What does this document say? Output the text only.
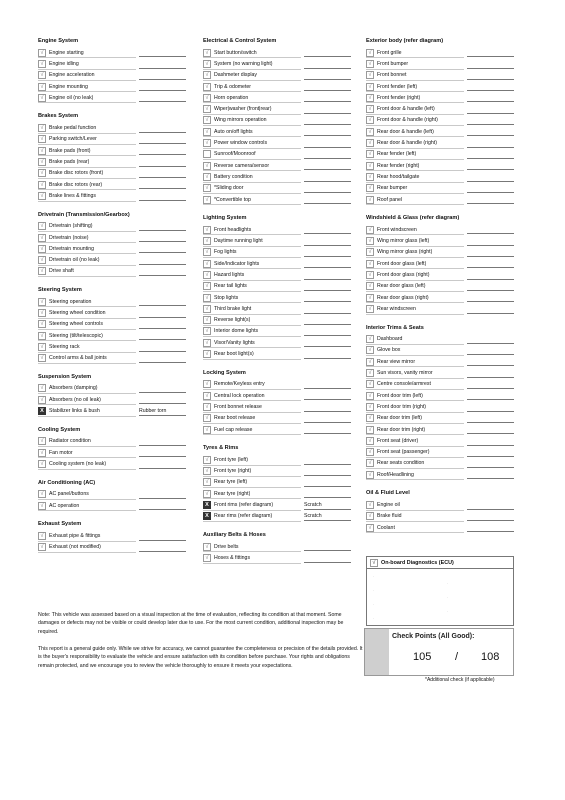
Engine System
√	Engine starting
√	Engine idling
√	Engine acceleration
√	Engine mounting
√	Engine oil (no leak)
Brakes System
√	Brake pedal function
√	Parking switch/Lever
√	Brake pads (front)
√	Brake pads (rear)
√	Brake disc rotors (front)
√	Brake disc rotors (rear)
√	Brake lines & fittings
Drivetrain (Transmission/Gearbox)
√	Drivetrain (shifting)
√	Drivetrain (noise)
√	Drivetrain mounting
√	Drivetrain oil (no leak)
√	Drive shaft
Steering System
√	Steering operation
√	Steering wheel condition
√	Steering wheel controls
√	Steering (tilt/telescopic)
√	Steering rack
√	Control arms & ball joints
Suspension System
√	Absorbers (damping)
√	Absorbers (no oil leak)
X Stabilizer links & bush	Rubber torn
Cooling System
√	Radiator condition
√	Fan motor
√	Cooling system (no leak)
Air Conditioning (AC)
√	AC panel/buttons
√	AC operation
Exhaust System
√	Exhaust pipe & fittings
√	Exhaust (not modified)
Electrical & Control System
√	Start button/switch
√	System (no warning light)
√	Dashmeter display
√	Trip & odometer
√	Horn operation
√	Wiper|washer (front|rear)
√	Wing mirrors operation
√	Auto on/off lights
√	Power window controls
Sunroof/Moonroof
√	Reverse camera/sensor
√	Battery condition
√	*Sliding door
√	*Convertible top
Lighting System
√	Front headlights
√	Daytime running light
√	Fog lights
√	Side/Indicator lights
√	Hazard lights
√	Rear tail lights
√	Stop lights
√	Third brake light
√	Reverse light(s)
√	Interior dome lights
√	Visor/Vanity lights
√	Rear boot light(s)
Locking System
√	Remote/Keyless entry
√	Central lock operation
√	Front bonnet release
√	Rear boot release
√	Fuel cap release
Tyres & Rims
√	Front tyre (left)
√	Front tyre (right)
√	Rear tyre (left)
√	Rear tyre (right)
X Front rims (refer diagram)	Scratch
X Rear rims (refer diagram)	Scratch
Auxiliary Belts & Hoses
√	Drive belts
√	Hoses & fittings
Exterior body (refer diagram)
√	Front grille
√	Front bumper
√	Front bonnet
√	Front fender (left)
√	Front fender (right)
√	Front door & handle (left)
√	Front door & handle (right)
√	Rear door & handle (left)
√	Rear door & handle (right)
√	Rear fender (left)
√	Rear fender (right)
√	Rear hood/tailgate
√	Rear bumper
√	Roof panel
Windshield & Glass (refer diagram)
√	Front windscreen
√	Wing mirror glass (left)
√	Wing mirror glass (right)
√	Front door glass (left)
√	Front door glass (right)
√	Rear door glass (left)
√	Rear door glass (right)
√	Rear windscreen
Interior Trims & Seats
√	Dashboard
√	Glove box
√	Rear view mirror
√	Sun visors, vanity mirror
√	Centre console/armrest
√	Front door trim (left)
√	Front door trim (right)
√	Rear door trim (left)
√	Rear door trim (right)
√	Front seat (driver)
√	Front seat (passenger)
√	Rear seats condition
√	Roof/Headlining
Oil & Fluid Level
√	Engine oil
√	Brake fluid
√	Coolant
√	On-board Diagnostics (ECU)
·
·
·
·
·
·
·
Note: This vehicle was assessed based on a visual inspection at the time of evaluation, reflecting its condition at that moment. Some damages or defects may not be visible or could develop later due to use. For the most current condition, additional inspection may be required.
This report is a general guide only. While we strive for accuracy, we cannot guarantee the completeness or precision of the details provided. It is the buyer's responsibility to evaluate the vehicle and ensure satisfaction with its condition before purchase. Your rights and obligations remain protected, and we encourage you to review the vehicle thoroughly to ensure it meets your expectations.
Check Points (All Good):
105 / 108
*Additional check (if applicable)
